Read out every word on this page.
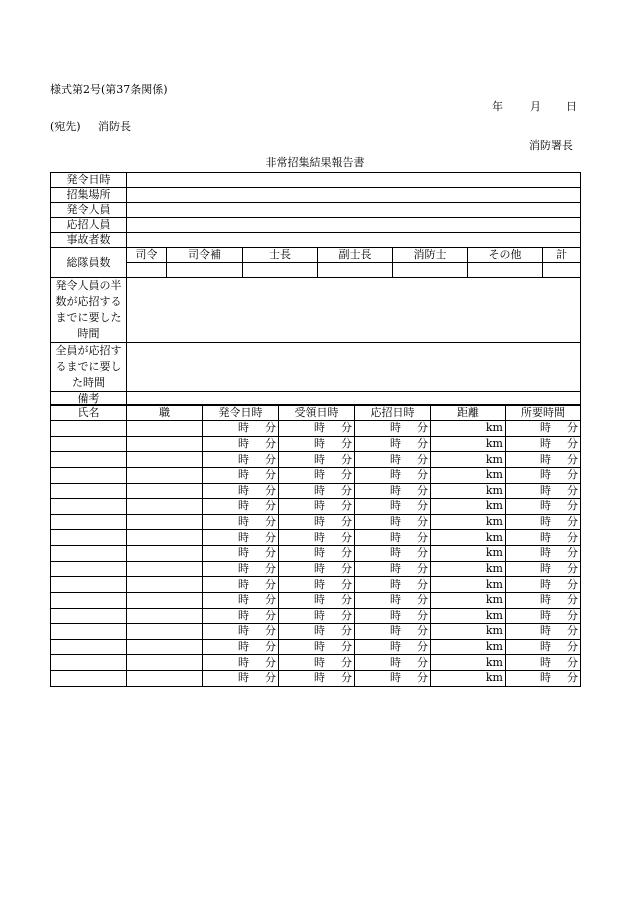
様式第2号(第37条関係)
年 月 日
(宛先) 消防長
消防署長
非常招集結果報告書
発令日時							
招集場所							
発令人員							
応招人員							
事故者数							
総隊員数	司令	司令補	士長	副士長	消防士	その他	計

発令人員の半数が応招するまでに要した時間							
全員が応招するまでに要した時間							
備考							
氏名	職	発令日時	受領日時	応招日時	距離	所要時間
		時 分	時 分	時 分	km	時 分
		時 分	時 分	時 分	km	時 分
		時 分	時 分	時 分	km	時 分
		時 分	時 分	時 分	km	時 分
		時 分	時 分	時 分	km	時 分
		時 分	時 分	時 分	km	時 分
		時 分	時 分	時 分	km	時 分
		時 分	時 分	時 分	km	時 分
		時 分	時 分	時 分	km	時 分
		時 分	時 分	時 分	km	時 分
		時 分	時 分	時 分	km	時 分
		時 分	時 分	時 分	km	時 分
		時 分	時 分	時 分	km	時 分
		時 分	時 分	時 分	km	時 分
		時 分	時 分	時 分	km	時 分
		時 分	時 分	時 分	km	時 分
		時 分	時 分	時 分	km	時 分
